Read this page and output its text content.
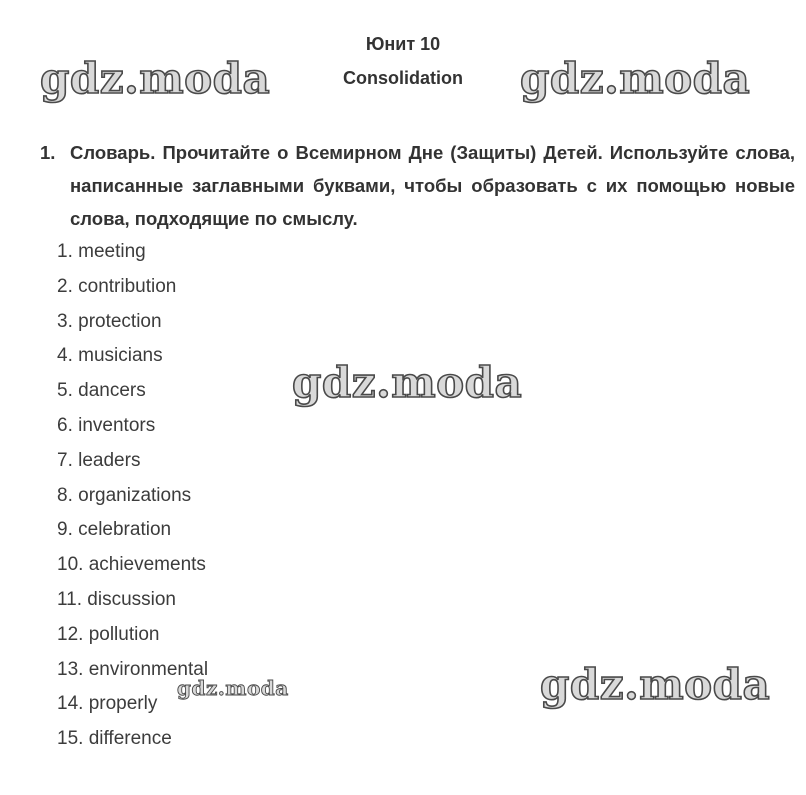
Юнит 10
Consolidation
1. Словарь. Прочитайте о Всемирном Дне (Защиты) Детей. Используйте слова, написанные заглавными буквами, чтобы образовать с их помощью новые слова, подходящие по смыслу.
1. meeting
2. contribution
3. protection
4. musicians
5. dancers
6. inventors
7. leaders
8. organizations
9. celebration
10. achievements
11. discussion
12. pollution
13. environmental
14. properly
15. difference
gdz.moda	gdz.moda
gdz.moda
gdz.moda
gdz.moda
